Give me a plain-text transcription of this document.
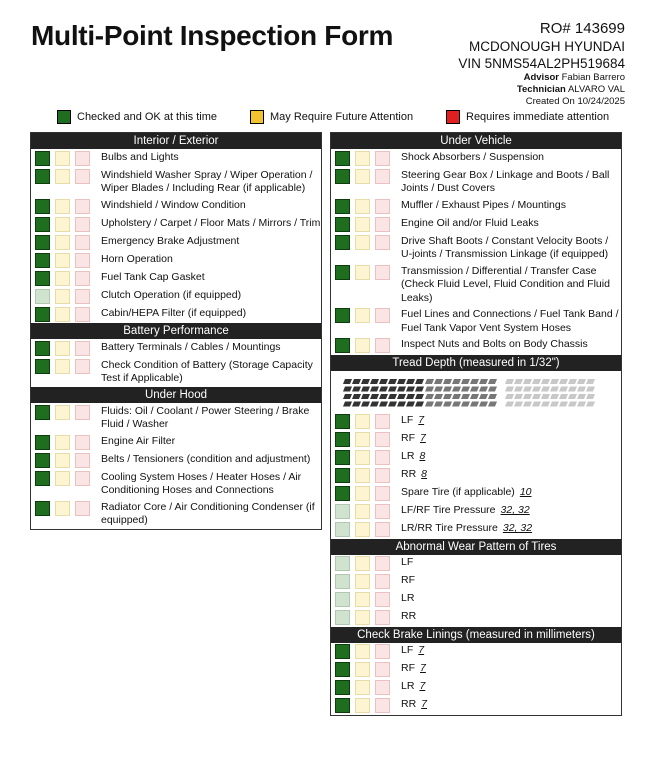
Multi-Point Inspection Form	RO# 143699
MCDONOUGH HYUNDAI
VIN 5NMS54AL2PH519684
Advisor Fabian Barrero
Technician ALVARO VAL
Created On 10/24/2025
Checked and OK at this time	May Require Future Attention	Requires immediate attention
Interior / Exterior
Bulbs and Lights
Windshield Washer Spray / Wiper Operation / Wiper Blades / Including Rear (if applicable)
Windshield / Window Condition
Upholstery / Carpet / Floor Mats / Mirrors / Trim
Emergency Brake Adjustment
Horn Operation
Fuel Tank Cap Gasket
Clutch Operation (if equipped)
Cabin/HEPA Filter (if equipped)
Battery Performance
Battery Terminals / Cables / Mountings
Check Condition of Battery (Storage Capacity Test if Applicable)
Under Hood
Fluids: Oil / Coolant / Power Steering / Brake Fluid / Washer
Engine Air Filter
Belts / Tensioners (condition and adjustment)
Cooling System Hoses / Heater Hoses / Air Conditioning Hoses and Connections
Radiator Core / Air Conditioning Condenser (if equipped)
Under Vehicle
Shock Absorbers / Suspension
Steering Gear Box / Linkage and Boots / Ball Joints / Dust Covers
Muffler / Exhaust Pipes / Mountings
Engine Oil and/or Fluid Leaks
Drive Shaft Boots / Constant Velocity Boots / U-joints / Transmission Linkage (if equipped)
Transmission / Differential / Transfer Case (Check Fluid Level, Fluid Condition and Fluid Leaks)
Fuel Lines and Connections / Fuel Tank Band / Fuel Tank Vapor Vent System Hoses
Inspect Nuts and Bolts on Body Chassis
Tread Depth (measured in 1/32")
LF 7
RF 7
LR 8
RR 8
Spare Tire (if applicable) 10
LF/RF Tire Pressure 32, 32
LR/RR Tire Pressure 32, 32
Abnormal Wear Pattern of Tires
LF
RF
LR
RR
Check Brake Linings (measured in millimeters)
LF 7
RF 7
LR 7
RR 7
